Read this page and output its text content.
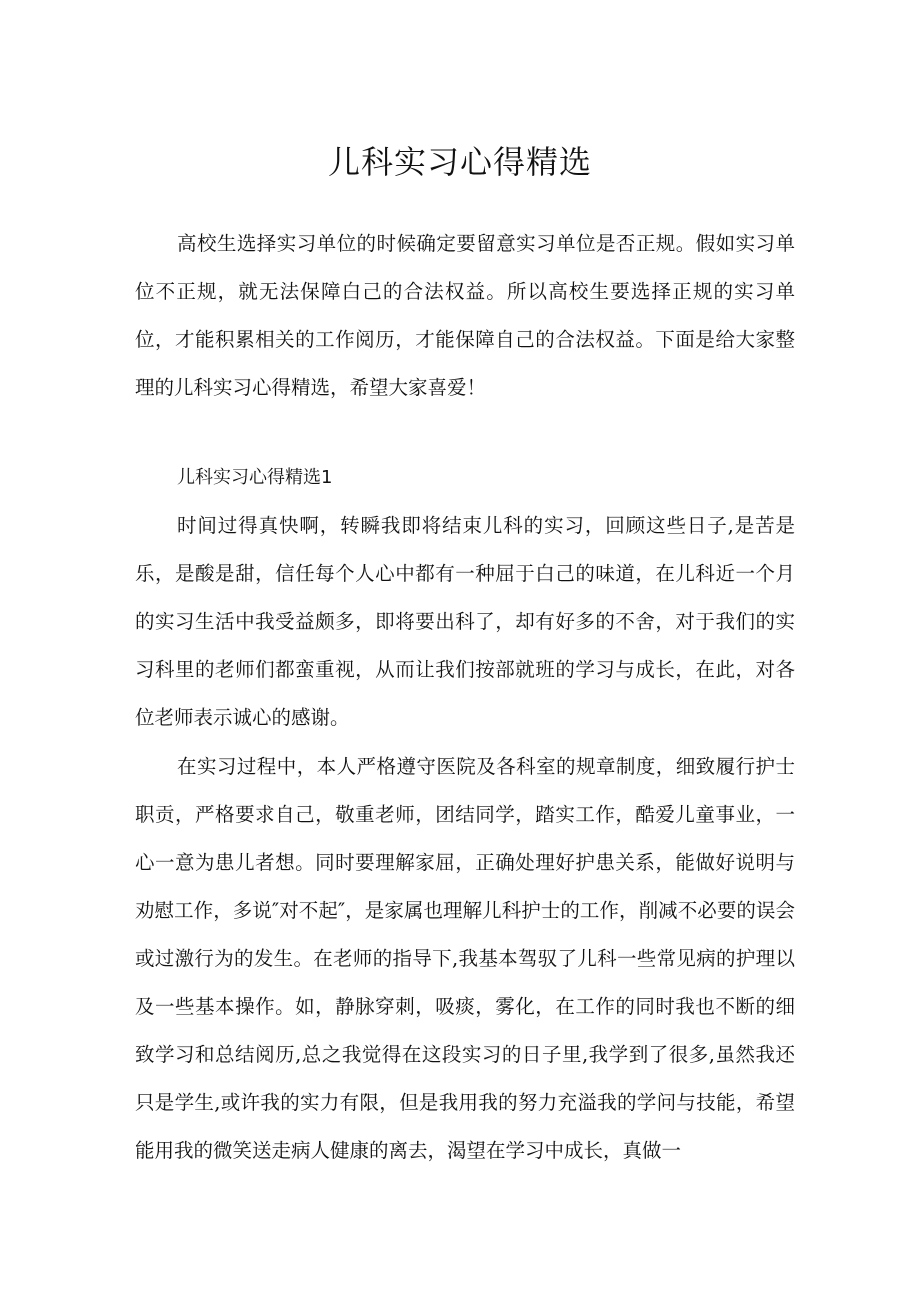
儿科实习心得精选

高校生选择实习单位的时候确定要留意实习单位是否正规。假如实习单位不正规，就无法保障白己的合法权益。所以高校生要选择正规的实习单位，才能积累相关的工作阅历，才能保障自己的合法权益。下面是给大家整理的儿科实习心得精选，希望大家喜爱！

儿科实习心得精选1

时间过得真快啊，转瞬我即将结束儿科的实习，回顾这些日子,是苦是乐，是酸是甜，信任每个人心中都有一种屈于白己的味道，在儿科近一个月的实习生活中我受益颇多，即将要出科了，却有好多的不舍，对于我们的实习科里的老师们都蛮重视，从而让我们按部就班的学习与成长，在此，对各位老师表示诚心的感谢。

在实习过程中，本人严格遵守医院及各科室的规章制度，细致履行护士职贡，严格要求自己，敬重老师，团结同学，踏实工作，酷爱儿童事业，一心一意为患儿者想。同时要理解家屈，正确处理好护患关系，能做好说明与劝慰工作，多说″对不起″，是家属也理解儿科护士的工作，削减不必要的误会或过激行为的发生。在老师的指导下,我基本驾驭了儿科一些常见病的护理以及一些基本操作。如，静脉穿刺，吸痰，雾化，在工作的同时我也不断的细致学习和总结阅历,总之我觉得在这段实习的日子里,我学到了很多,虽然我还只是学生,或许我的实力有限，但是我用我的努力充溢我的学问与技能，希望能用我的微笑送走病人健康的离去，渴望在学习中成长，真做一
